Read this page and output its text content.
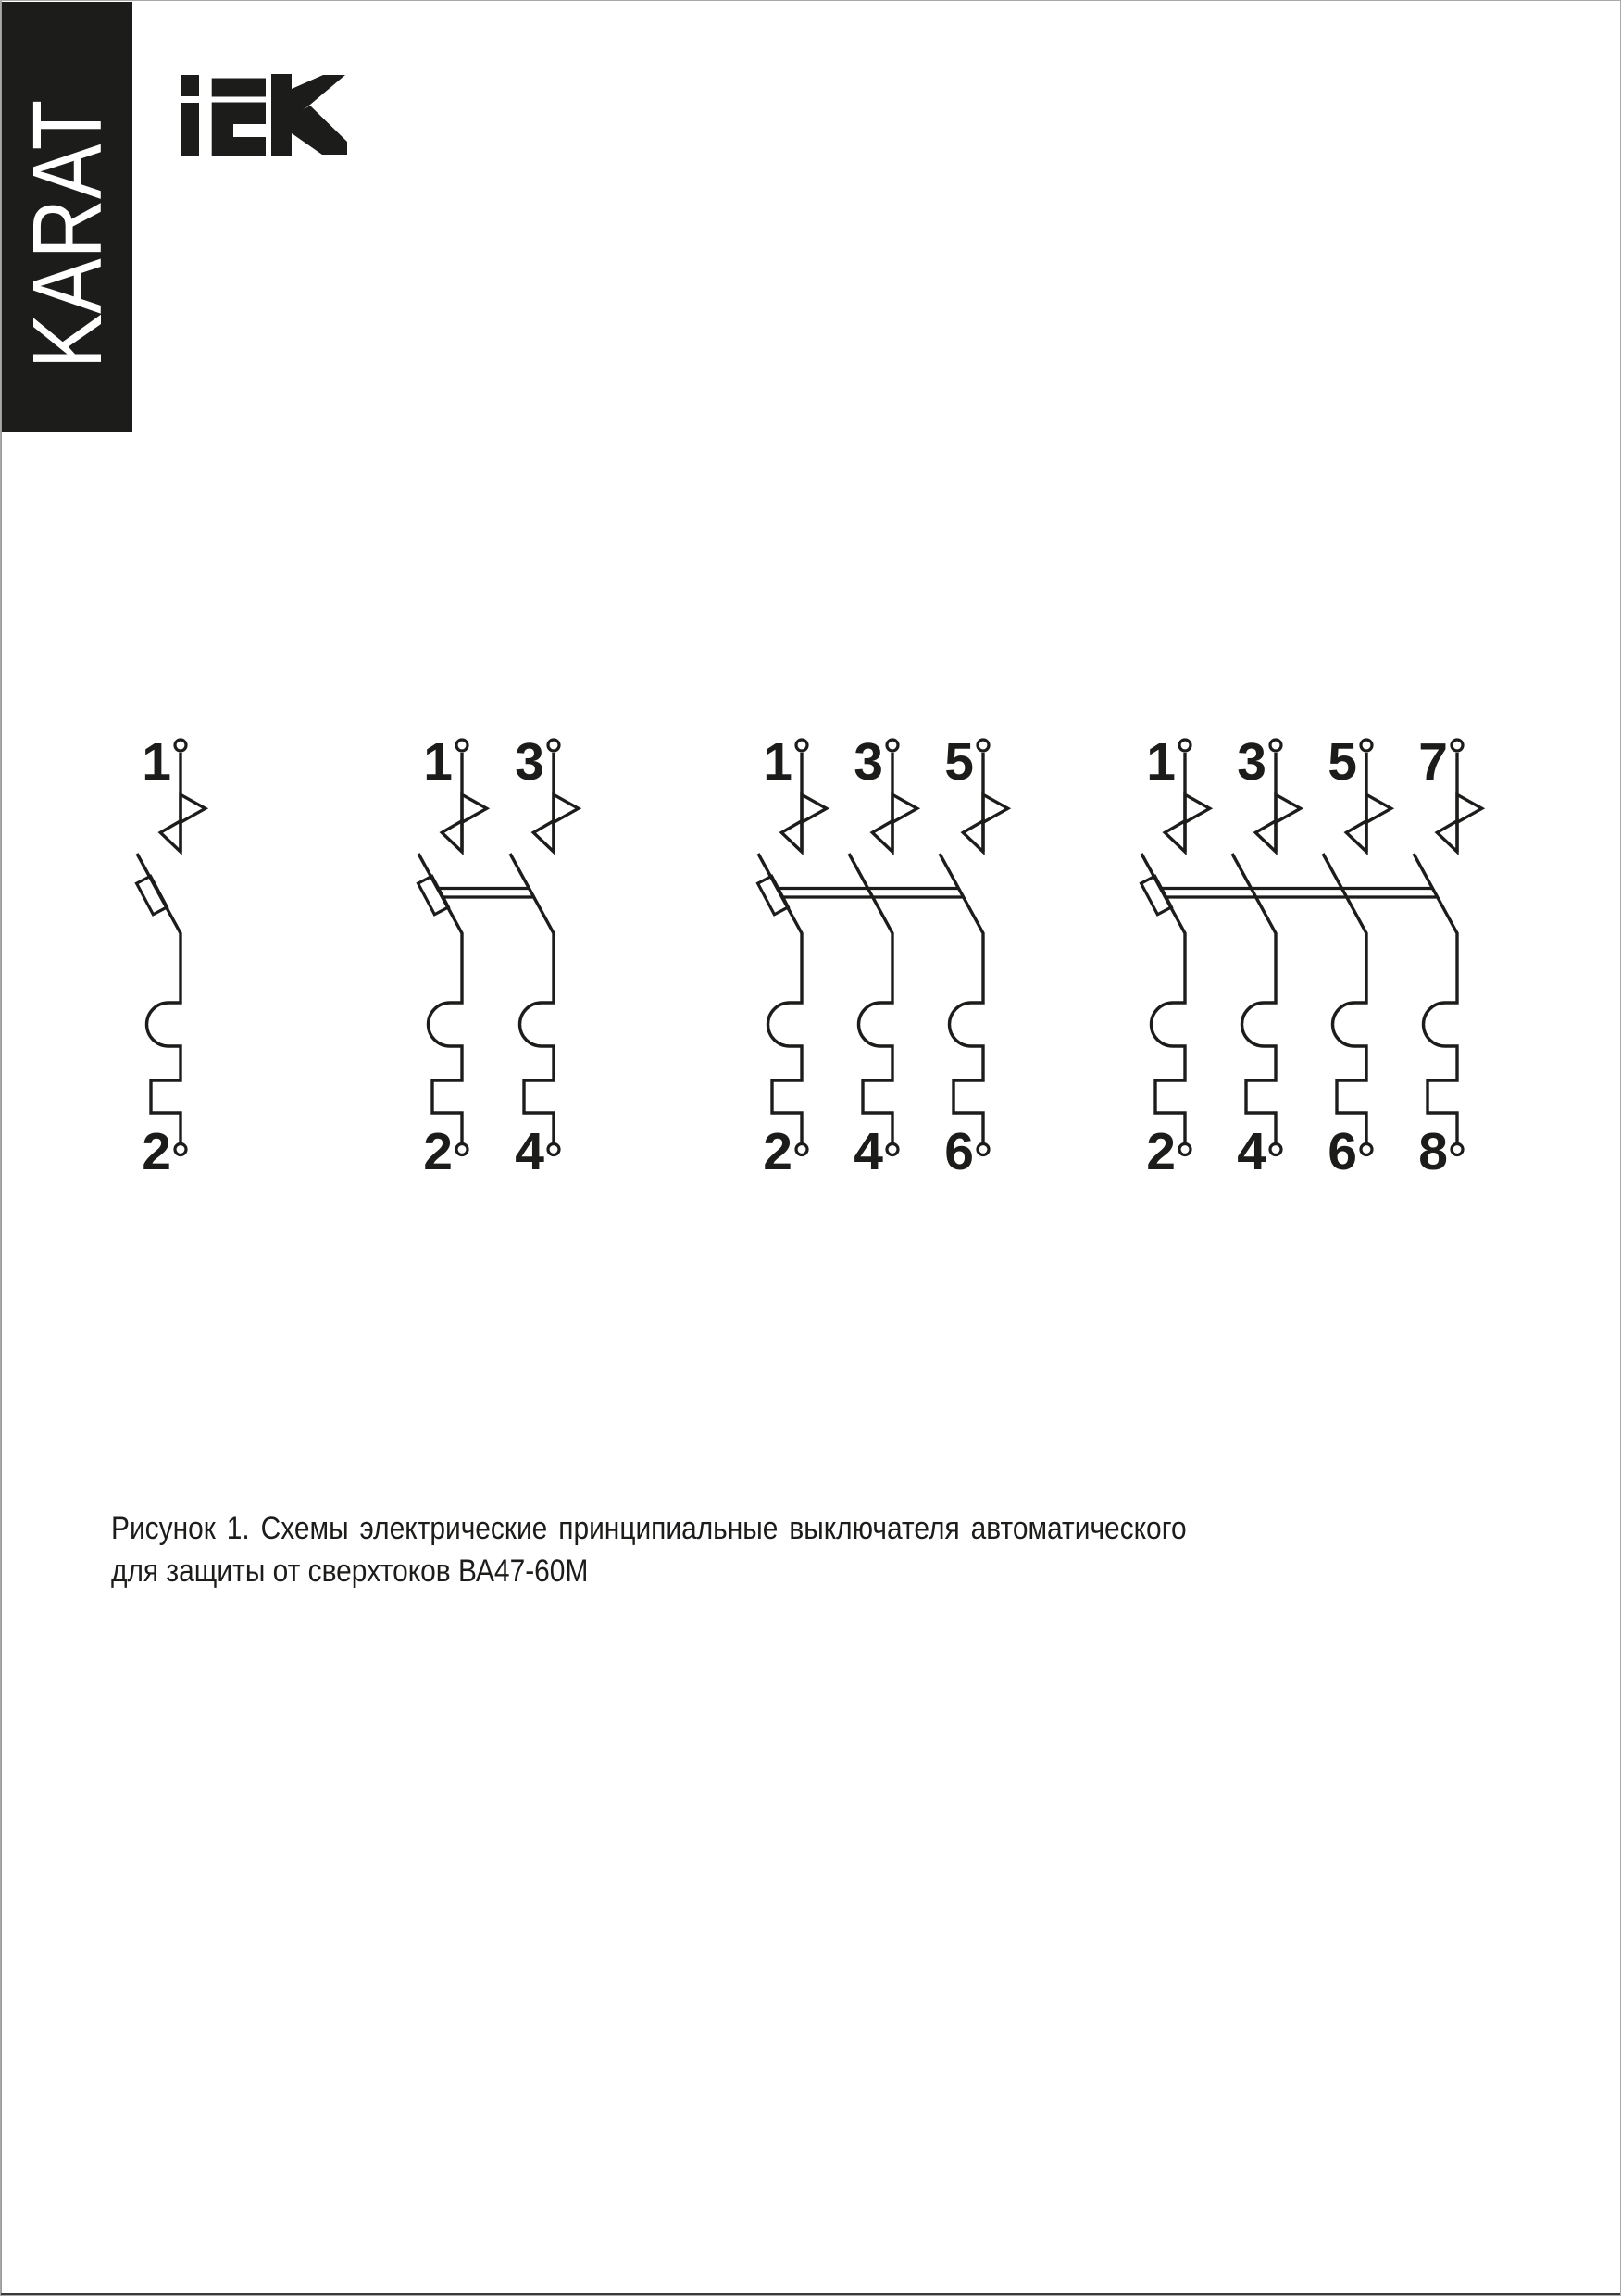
KARAT
1
2
1
2
3
4
1
2
3
4
5
6
1
2
3
4
5
6
7
8
Рисунок 1. Схемы электрические принципиальные выключателя автоматического
для защиты от сверхтоков ВА47-60М
